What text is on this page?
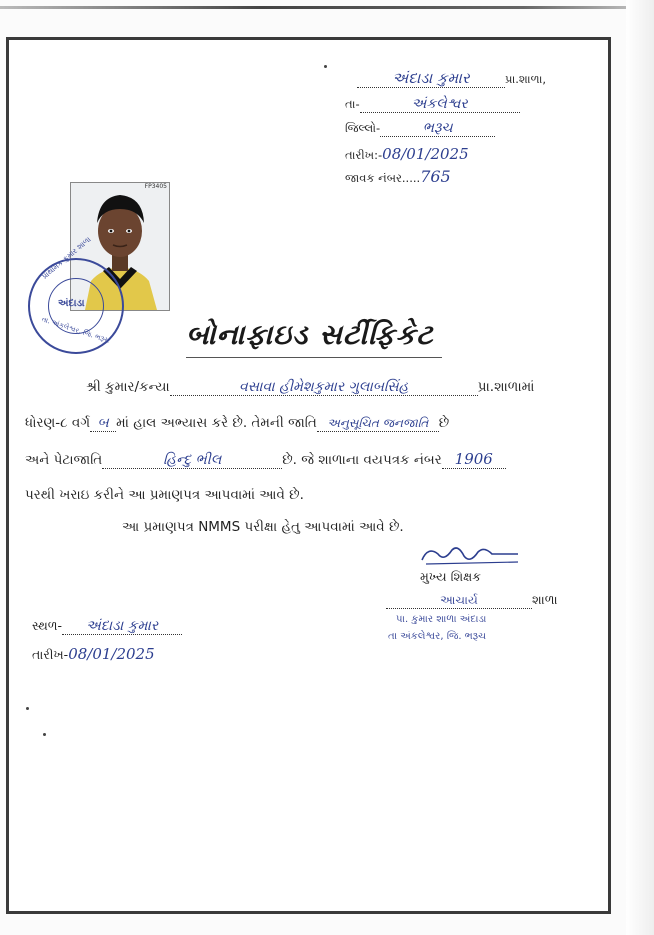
અંદાડા કુમાર	પ્રા.શાળા,
તા-	અંકલેશ્વર
જિલ્લો-	ભરૂચ
તારીખ:-08/01/2025
જાવક નંબર.....765
FP3405
પ્રાથમિક કુમાર શાળા
અંદાડા
તા. અંકલેશ્વર, જિ. ભરૂચ	બોનાફાઇડ સર્ટીફિકેટ
શ્રી કુમાર/કન્યા	વસાવા હીમેશકુમાર ગુલાબસિંહ	પ્રા.શાળામાં
ધોરણ-૮ વર્ગ બ માં હાલ અભ્યાસ કરે છે. તેમની જાતિ અનુસૂચિત જનજાતિ છે
અને પેટાજાતિ	હિન્દુ ભીલ	છે. જે શાળાના વયપત્રક નંબર 1906
પરથી ખરાઇ કરીને આ પ્રમાણપત્ર આપવામાં આવે છે.
આ પ્રમાણપત્ર NMMS પરીક્ષા હેતુ આપવામાં આવે છે.
મુખ્ય શિક્ષક
આચાર્ય	શાળા
પા. કુમાર શાળા અંદાડા
તા અંકલેશ્વર, જિ. ભરૂચ
સ્થળ- અંદાડા કુમાર
તારીખ-08/01/2025
